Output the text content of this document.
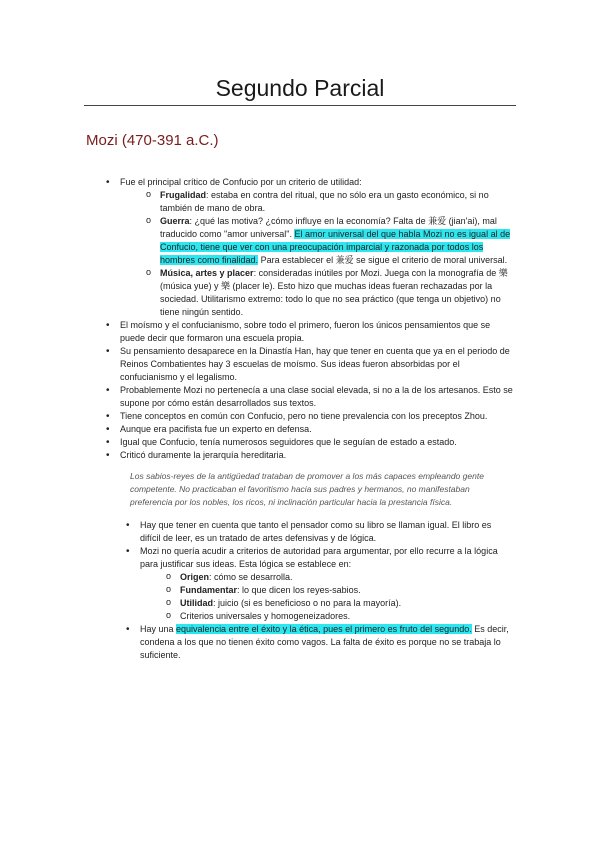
Segundo Parcial
Mozi (470-391 a.C.)
• Fue el principal crítico de Confucio por un criterio de utilidad:
o Frugalidad: estaba en contra del ritual, que no sólo era un gasto económico, si no también de mano de obra.
o Guerra: ¿qué las motiva? ¿cómo influye en la economía? Falta de 兼爱 (jian'ai), mal traducido como "amor universal". El amor universal del que habla Mozi no es igual al de Confucio, tiene que ver con una preocupación imparcial y razonada por todos los hombres como finalidad. Para establecer el 兼爱 se sigue el criterio de moral universal.
o Música, artes y placer: consideradas inútiles por Mozi. Juega con la monografía de 樂 (música yue) y 樂 (placer le). Esto hizo que muchas ideas fueran rechazadas por la sociedad. Utilitarismo extremo: todo lo que no sea práctico (que tenga un objetivo) no tiene ningún sentido.
• El moísmo y el confucianismo, sobre todo el primero, fueron los únicos pensamientos que se puede decir que formaron una escuela propia.
• Su pensamiento desaparece en la Dinastía Han, hay que tener en cuenta que ya en el periodo de Reinos Combatientes hay 3 escuelas de moísmo. Sus ideas fueron absorbidas por el confucianismo y el legalismo.
• Probablemente Mozi no pertenecía a una clase social elevada, si no a la de los artesanos. Esto se supone por cómo están desarrollados sus textos.
• Tiene conceptos en común con Confucio, pero no tiene prevalencia con los preceptos Zhou.
• Aunque era pacifista fue un experto en defensa.
• Igual que Confucio, tenía numerosos seguidores que le seguían de estado a estado.
• Criticó duramente la jerarquía hereditaria.
Los sabios-reyes de la antigüedad trataban de promover a los más capaces empleando gente competente. No practicaban el favoritismo hacia sus padres y hermanos, no manifestaban preferencia por los nobles, los ricos, ni inclinación particular hacia la prestancia física.
• Hay que tener en cuenta que tanto el pensador como su libro se llaman igual. El libro es difícil de leer, es un tratado de artes defensivas y de lógica.
• Mozi no quería acudir a criterios de autoridad para argumentar, por ello recurre a la lógica para justificar sus ideas. Esta lógica se establece en:
o Origen: cómo se desarrolla.
o Fundamentar: lo que dicen los reyes-sabios.
o Utilidad: juicio (si es beneficioso o no para la mayoría).
o Criterios universales y homogeneizadores.
• Hay una equivalencia entre el éxito y la ética, pues el primero es fruto del segundo. Es decir, condena a los que no tienen éxito como vagos. La falta de éxito es porque no se trabaja lo suficiente.
